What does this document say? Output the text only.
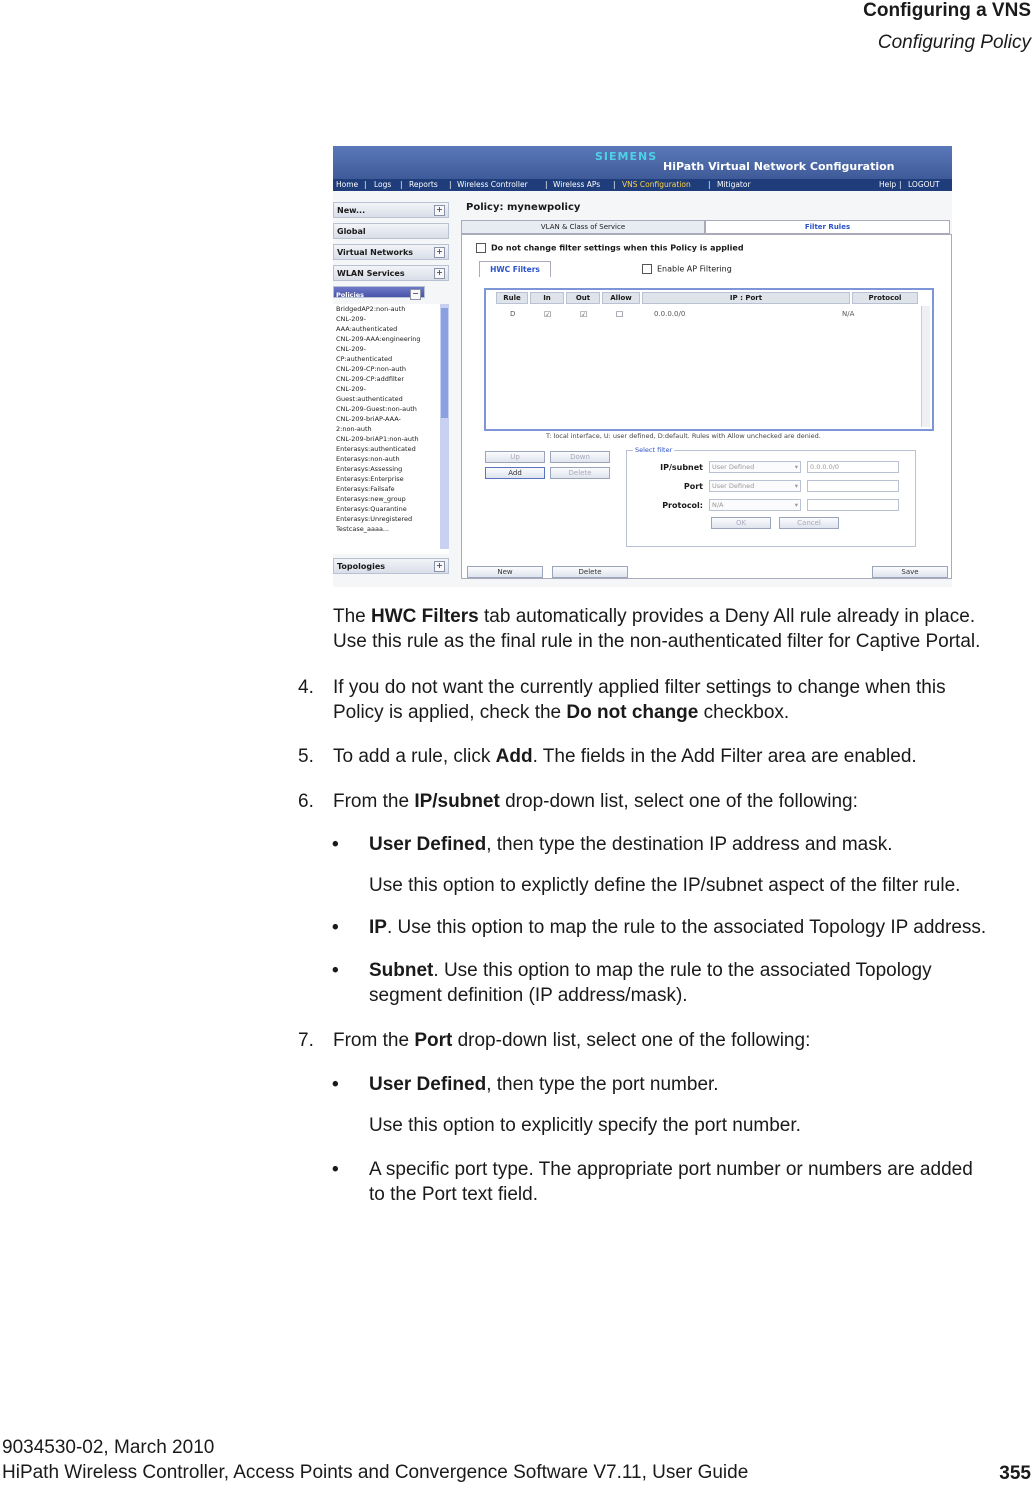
Configuring a VNS
Configuring Policy
SIEMENS
HiPath Virtual Network Configuration
Home | Logs | Reports | Wireless Controller | Wireless APs | VNS Configuration | Mitigator	Help | LOGOUT
New...	+
Global
Virtual Networks	+
WLAN Services	+
Policies	−
BridgedAP2:non-auth
CNL-209-
AAA:authenticated
CNL-209-AAA:engineering
CNL-209-
CP:authenticated
CNL-209-CP:non-auth
CNL-209-CP:addfilter
CNL-209-
Guest:authenticated
CNL-209-Guest:non-auth
CNL-209-briAP-AAA-
2:non-auth
CNL-209-briAP1:non-auth
Enterasys:authenticated
Enterasys:non-auth
Enterasys:Assessing
Enterasys:Enterprise
Enterasys:Failsafe
Enterasys:new_group
Enterasys:Quarantine
Enterasys:Unregistered
Testcase_aaaa...
Topologies	+
Policy: mynewpolicy
VLAN & Class of Service	Filter Rules
Do not change filter settings when this Policy is applied
HWC Filters	Enable AP Filtering
Rule	In	Out	Allow	IP : Port	Protocol
D	☑	☑	☐	0.0.0.0/0	N/A
T: local interface, U: user defined, D:default. Rules with Allow unchecked are denied.
Up	Down
Add	Delete
Select filter
IP/subnet	User Defined	▾	0.0.0.0/0
Port	User Defined	▾
Protocol:	N/A	▾
OK	Cancel
New	Delete	Save
The HWC Filters tab automatically provides a Deny All rule already in place.
Use this rule as the final rule in the non-authenticated filter for Captive Portal.
4. If you do not want the currently applied filter settings to change when this
Policy is applied, check the Do not change checkbox.
5. To add a rule, click Add. The fields in the Add Filter area are enabled.
6. From the IP/subnet drop-down list, select one of the following:
• User Defined, then type the destination IP address and mask.
Use this option to explictly define the IP/subnet aspect of the filter rule.
• IP. Use this option to map the rule to the associated Topology IP address.
• Subnet. Use this option to map the rule to the associated Topology
segment definition (IP address/mask).
7. From the Port drop-down list, select one of the following:
• User Defined, then type the port number.
Use this option to explicitly specify the port number.
• A specific port type. The appropriate port number or numbers are added
to the Port text field.
9034530-02, March 2010
HiPath Wireless Controller, Access Points and Convergence Software V7.11, User Guide	355
